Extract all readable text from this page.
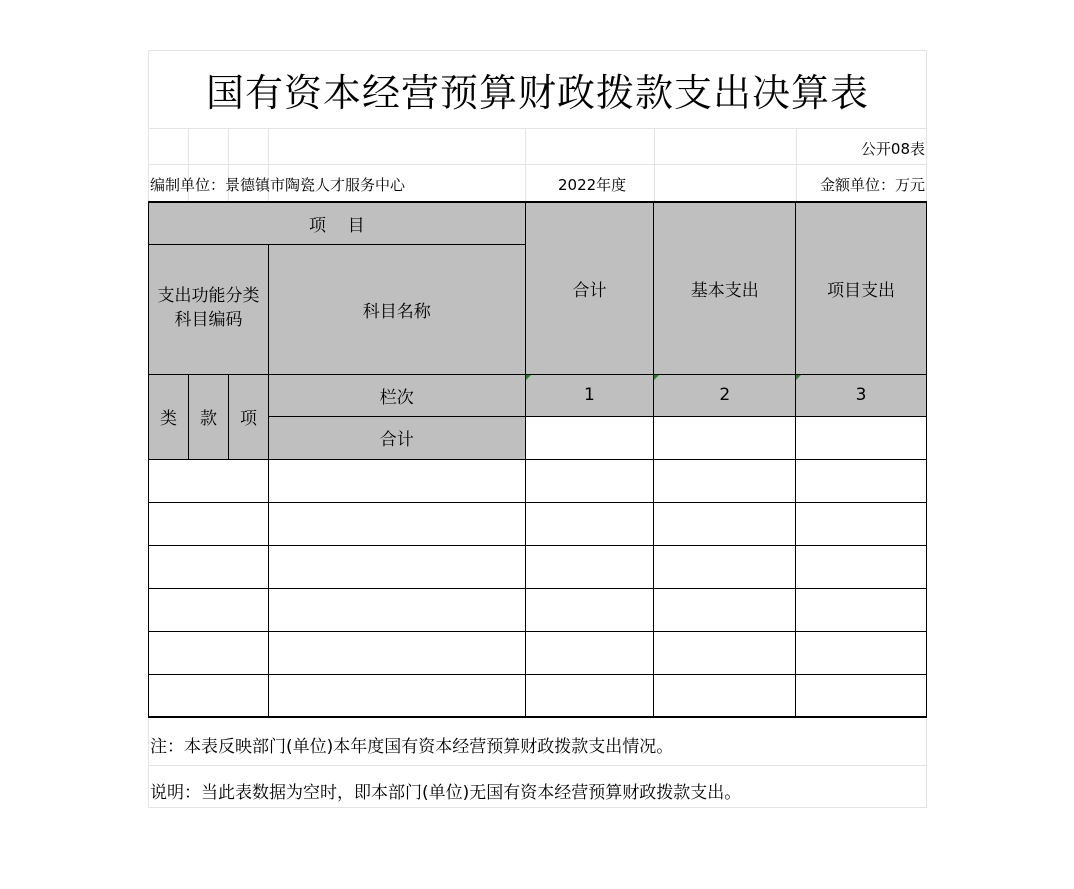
国有资本经营预算财政拨款支出决算表
公开08表
编制单位：景德镇市陶瓷人才服务中心	2022年度	金额单位：万元
项    目				合计	基本支出	项目支出

支出功能分类科目编码			科目名称			
类	款	项	栏次	1	2	3
			合计			

注：本表反映部门(单位)本年度国有资本经营预算财政拨款支出情况。
说明：当此表数据为空时，即本部门(单位)无国有资本经营预算财政拨款支出。
